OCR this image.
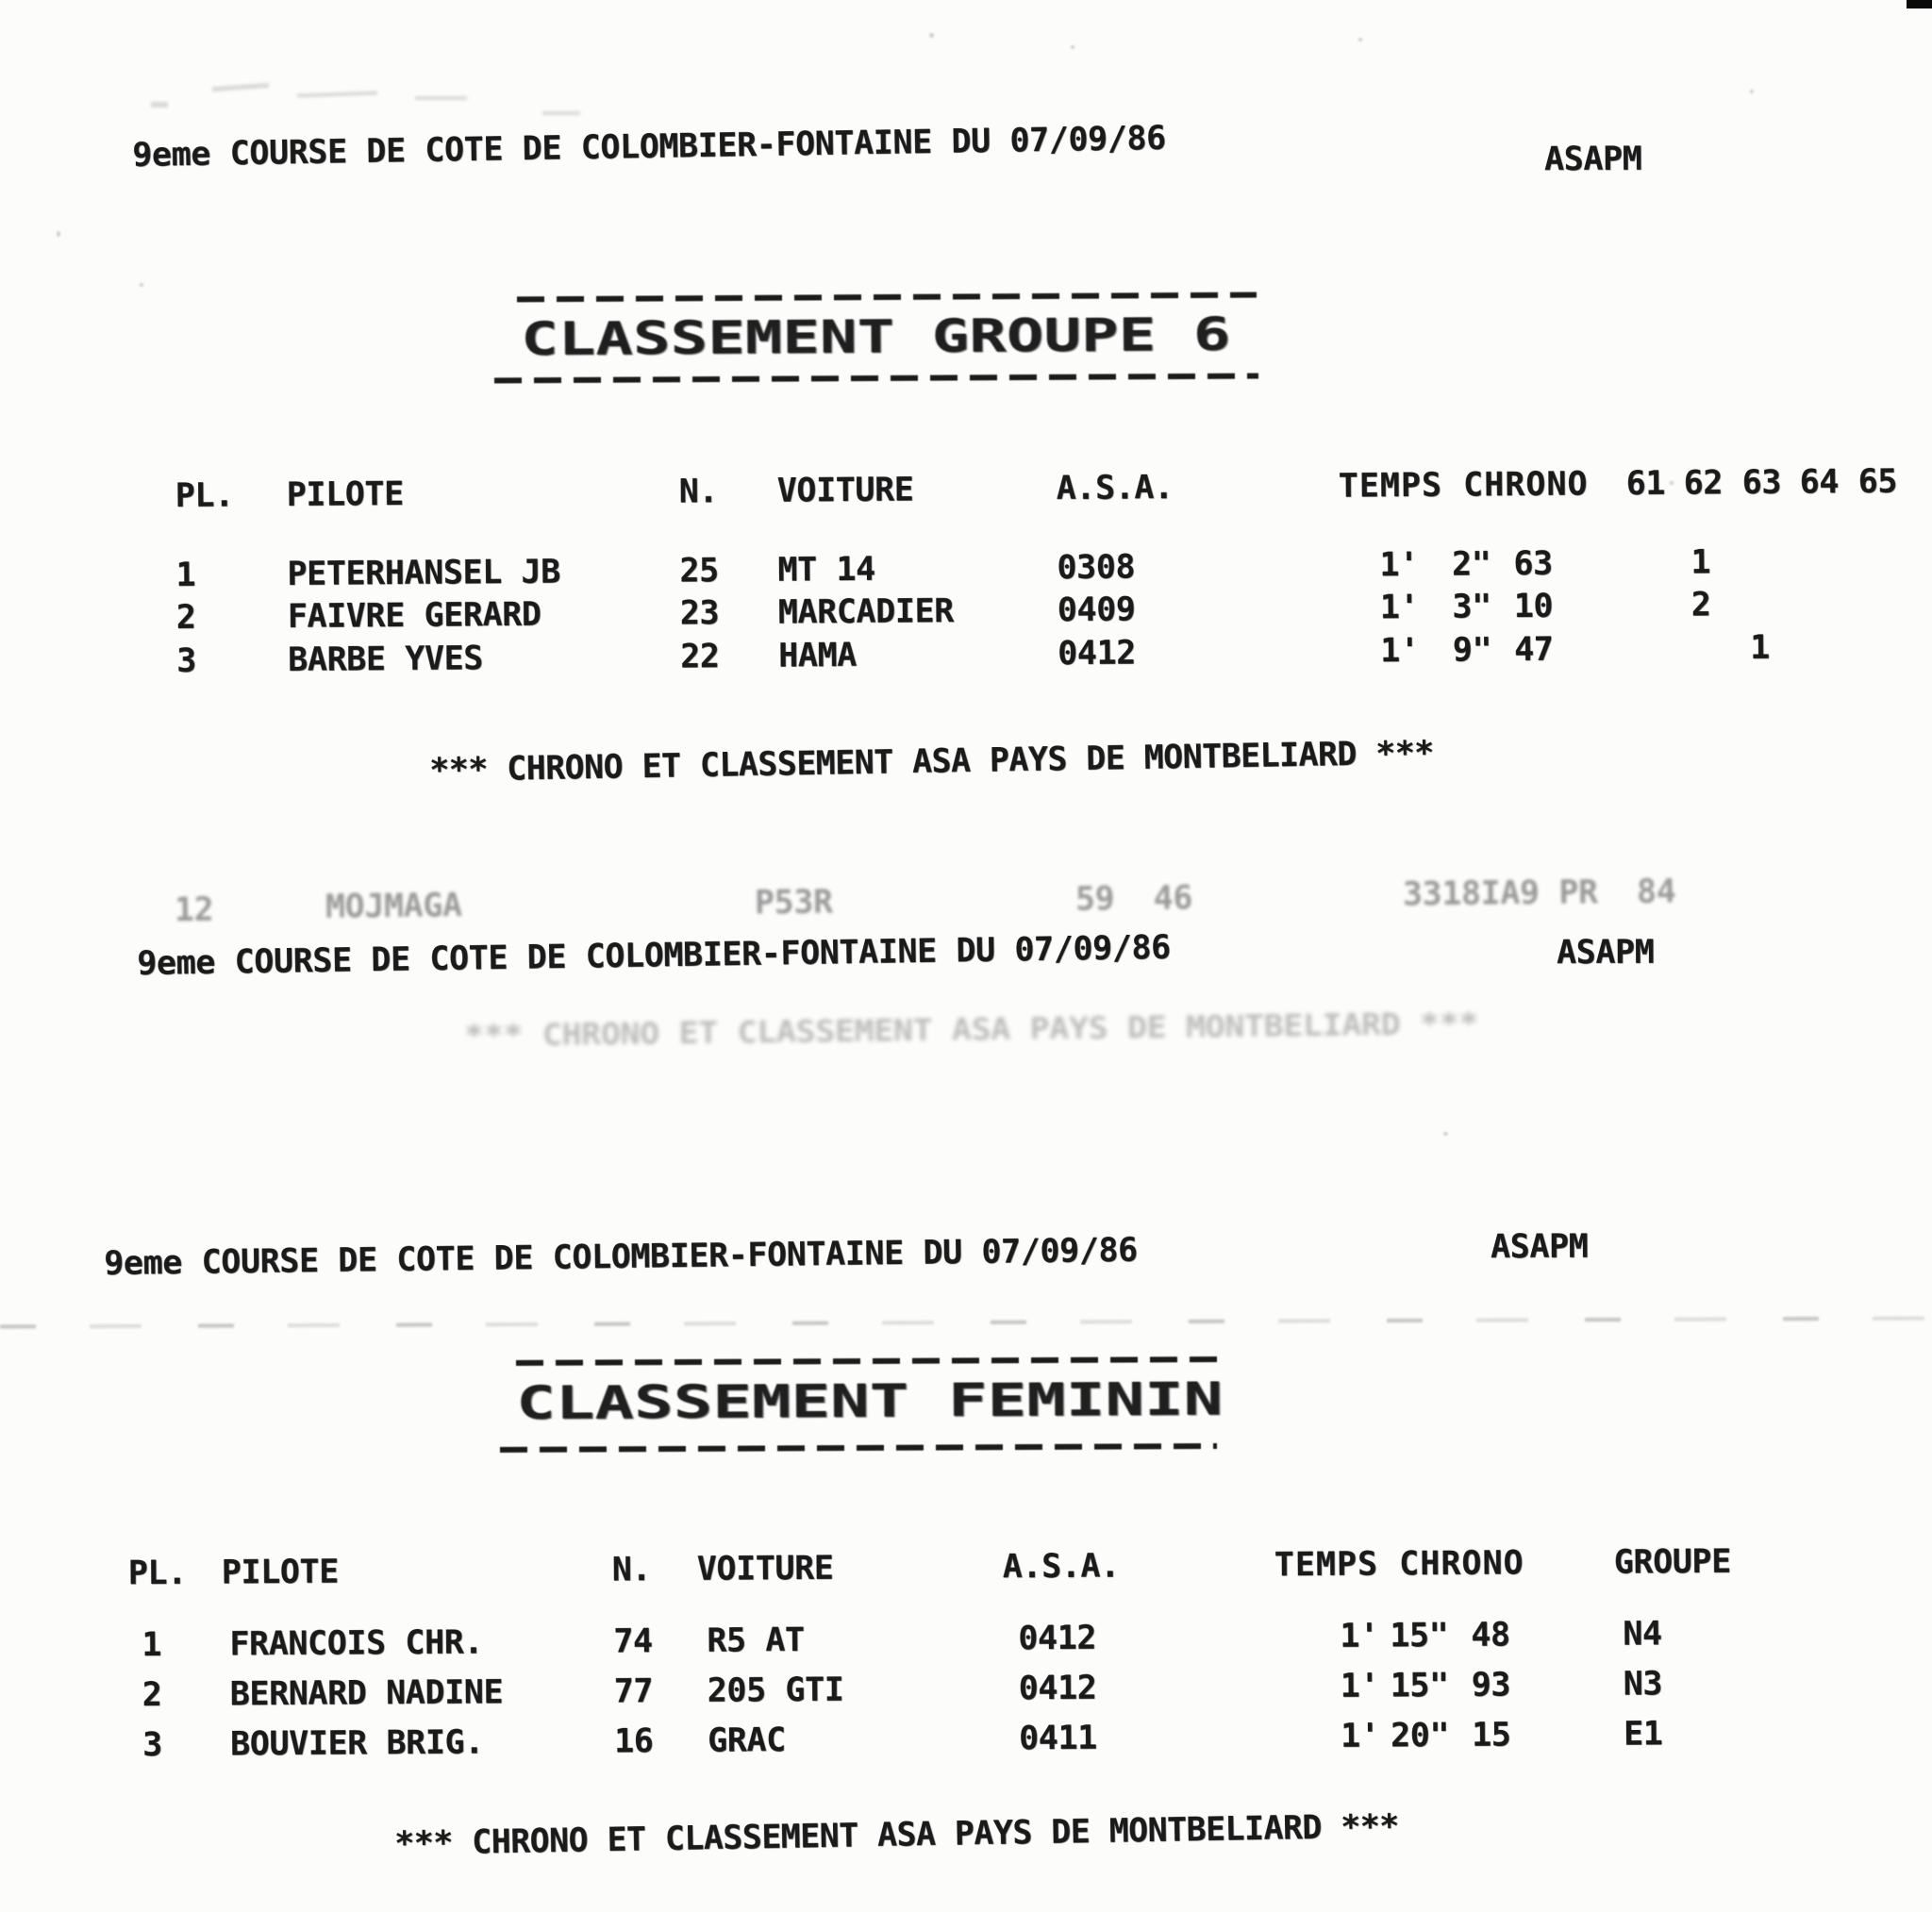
9eme COURSE DE COTE DE COLOMBIER-FONTAINE DU 07/09/86	ASAPM
CLASSEMENT GROUPE 6
PL. PILOTE	N. VOITURE	A.S.A.	TEMPS CHRONO 61 62 63 64 65
1	PETERHANSEL JB	25 MT 14	0308	1' 2" 63	1
2	FAIVRE GERARD	23 MARCADIER	0409	1' 3" 10	2
3	BARBE YVES	22 HAMA	0412	1' 9" 47	1
*** CHRONO ET CLASSEMENT ASA PAYS DE MONTBELIARD ***
12	MOJMAGA	P53R	59  46	3318IA9 PR  84
9eme COURSE DE COTE DE COLOMBIER-FONTAINE DU 07/09/86	ASAPM
*** CHRONO ET CLASSEMENT ASA PAYS DE MONTBELIARD ***
9eme COURSE DE COTE DE COLOMBIER-FONTAINE DU 07/09/86	ASAPM
CLASSEMENT FEMININ
PL. PILOTE	N. VOITURE	A.S.A.	TEMPS CHRONO	GROUPE
1 FRANCOIS CHR.	74 R5 AT	0412	1' 15" 48	N4
2 BERNARD NADINE	77 205 GTI	0412	1' 15" 93	N3
3 BOUVIER BRIG.	16 GRAC	0411	1' 20" 15	E1
*** CHRONO ET CLASSEMENT ASA PAYS DE MONTBELIARD ***
